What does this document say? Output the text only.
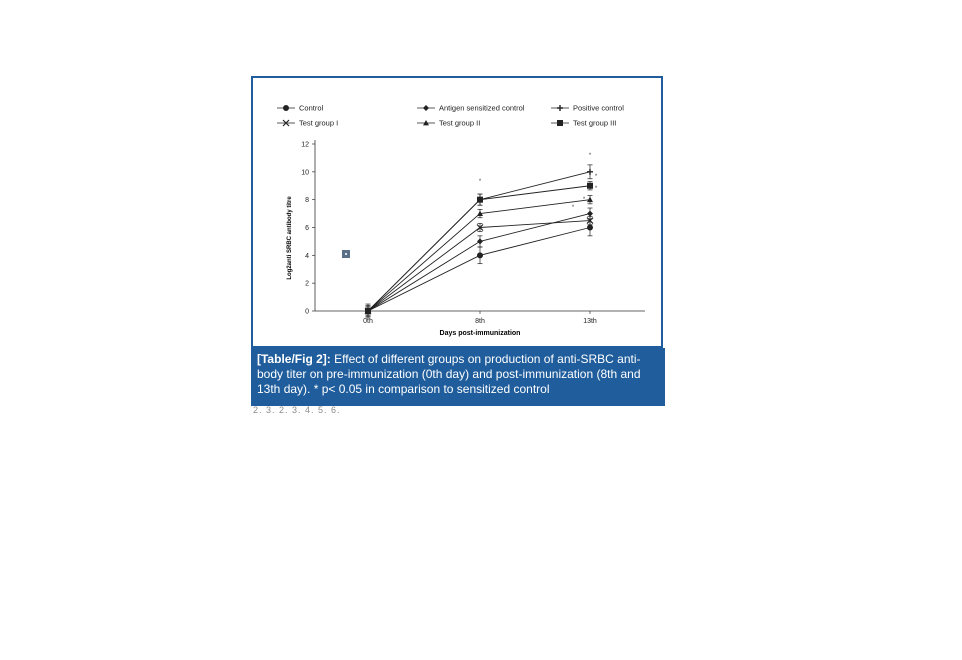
Control	Antigen sensitized control	Positive control
Test group I	Test group II	Test group III
0
2
4
6
8
10
12
0th	8th	13th
*
*
*
*
*
*
Log2anti SRBC antibody titre
Days post-immunization
[Table/Fig 2]: Effect of different groups on production of anti-SRBC anti-body titer on pre-immunization (0th day) and post-immunization (8th and 13th day). * p< 0.05 in comparison to sensitized control
2. 3. 2. 3. 4. 5. 6.
